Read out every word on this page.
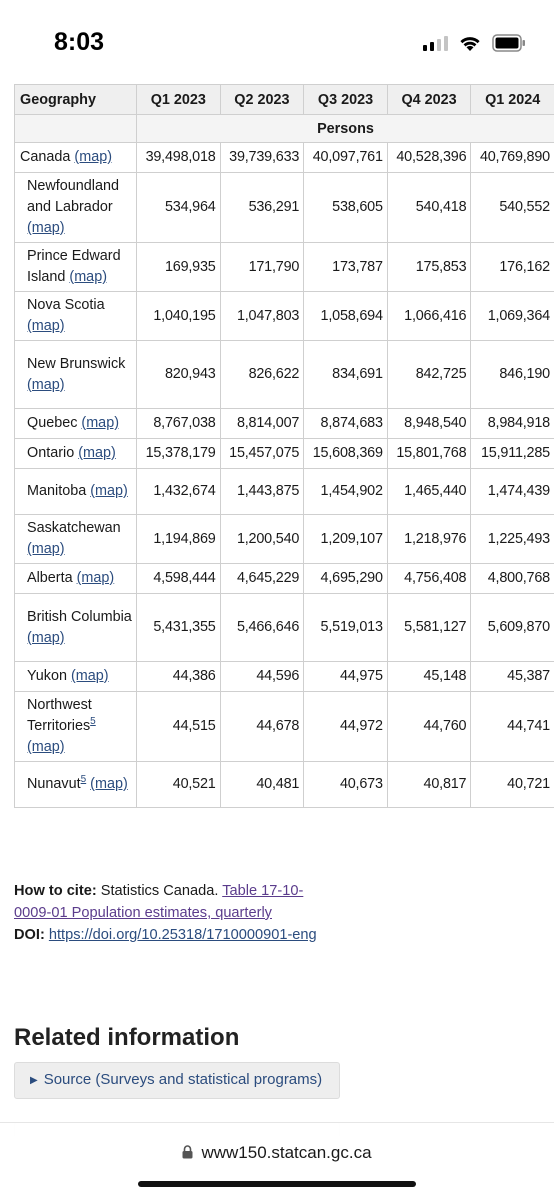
8:03
Geography	Q1 2023	Q2 2023	Q3 2023	Q4 2023	Q1 2024
	Persons				
Canada (map)	39,498,018	39,739,633	40,097,761	40,528,396	40,769,890
Newfoundland and Labrador (map)	534,964	536,291	538,605	540,418	540,552
Prince Edward Island (map)	169,935	171,790	173,787	175,853	176,162
Nova Scotia (map)	1,040,195	1,047,803	1,058,694	1,066,416	1,069,364
New Brunswick (map)	820,943	826,622	834,691	842,725	846,190
Quebec (map)	8,767,038	8,814,007	8,874,683	8,948,540	8,984,918
Ontario (map)	15,378,179	15,457,075	15,608,369	15,801,768	15,911,285
Manitoba (map)	1,432,674	1,443,875	1,454,902	1,465,440	1,474,439
Saskatchewan (map)	1,194,869	1,200,540	1,209,107	1,218,976	1,225,493
Alberta (map)	4,598,444	4,645,229	4,695,290	4,756,408	4,800,768
British Columbia (map)	5,431,355	5,466,646	5,519,013	5,581,127	5,609,870
Yukon (map)	44,386	44,596	44,975	45,148	45,387
Northwest Territories$^5$ (map)	44,515	44,678	44,972	44,760	44,741
Nunavut$^5$ (map)	40,521	40,481	40,673	40,817	40,721
How to cite: Statistics Canada. Table 17-10-0009-01 Population estimates, quarterly
DOI: https://doi.org/10.25318/1710000901-eng
Related information
▶ Source (Surveys and statistical programs)
www150.statcan.gc.ca
